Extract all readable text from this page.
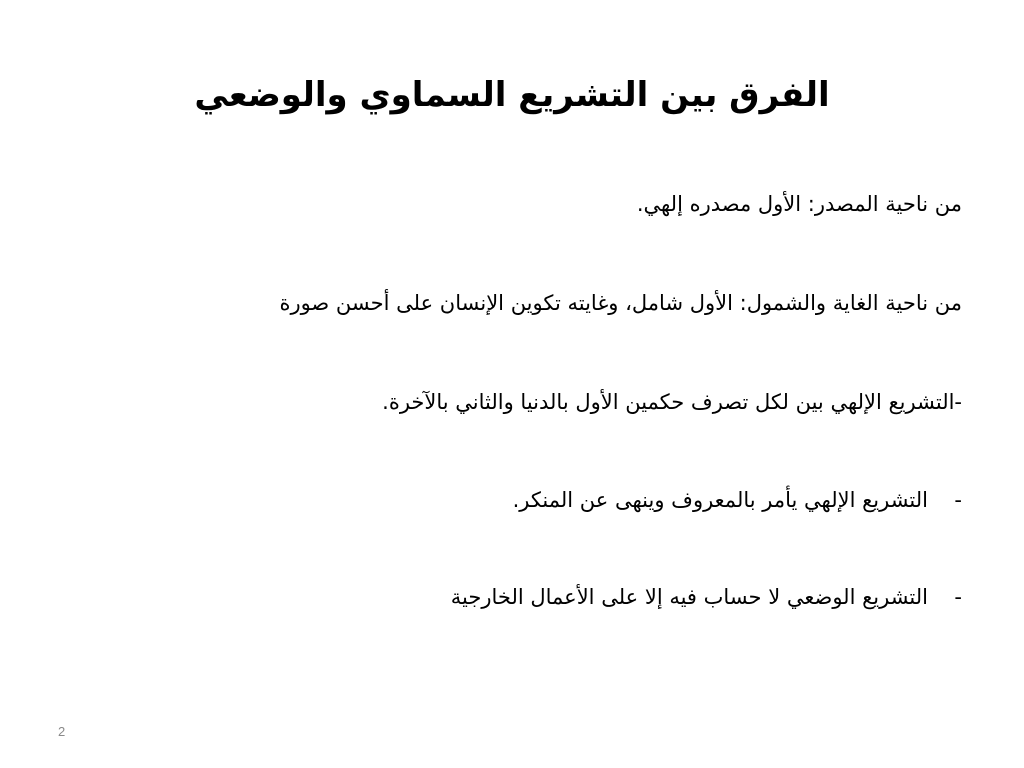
الفرق بين التشريع السماوي والوضعي
من ناحية المصدر: الأول مصدره إلهي.
من ناحية الغاية والشمول: الأول شامل، وغايته تكوين الإنسان على أحسن صورة
-التشريع الإلهي بين لكل تصرف حكمين الأول بالدنيا والثاني بالآخرة.
-
التشريع الإلهي يأمر بالمعروف وينهى عن المنكر.
-
التشريع الوضعي لا حساب فيه إلا على الأعمال الخارجية
2
